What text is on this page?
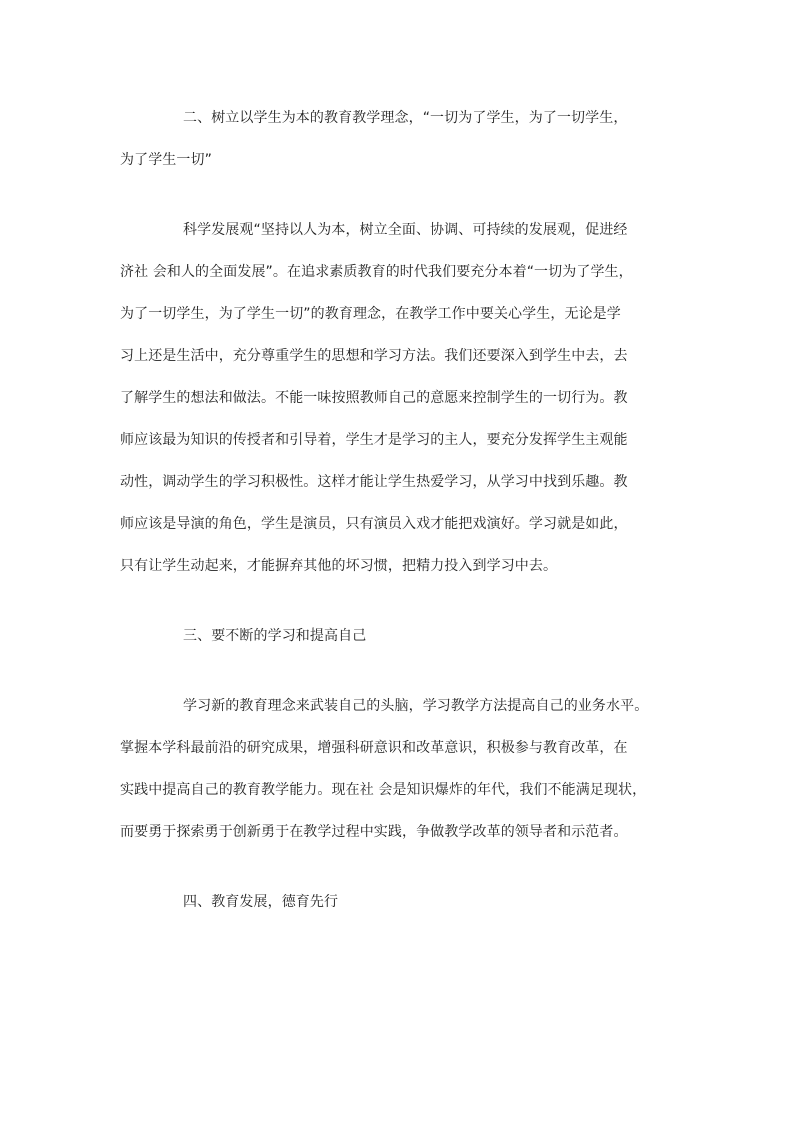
二、树立以学生为本的教育教学理念，“一切为了学生，为了一切学生，
为了学生一切”
科学发展观“坚持以人为本，树立全面、协调、可持续的发展观，促进经
济社 会和人的全面发展”。在追求素质教育的时代我们要充分本着“一切为了学生，
为了一切学生，为了学生一切”的教育理念，在教学工作中要关心学生，无论是学
习上还是生活中，充分尊重学生的思想和学习方法。我们还要深入到学生中去，去
了解学生的想法和做法。不能一味按照教师自己的意愿来控制学生的一切行为。教
师应该最为知识的传授者和引导着，学生才是学习的主人，要充分发挥学生主观能
动性，调动学生的学习积极性。这样才能让学生热爱学习，从学习中找到乐趣。教
师应该是导演的角色，学生是演员，只有演员入戏才能把戏演好。学习就是如此，
只有让学生动起来，才能摒弃其他的坏习惯，把精力投入到学习中去。
三、要不断的学习和提高自己
学习新的教育理念来武装自己的头脑，学习教学方法提高自己的业务水平。
掌握本学科最前沿的研究成果，增强科研意识和改革意识，积极参与教育改革，在
实践中提高自己的教育教学能力。现在社 会是知识爆炸的年代，我们不能满足现状，
而要勇于探索勇于创新勇于在教学过程中实践，争做教学改革的领导者和示范者。
四、教育发展，德育先行
